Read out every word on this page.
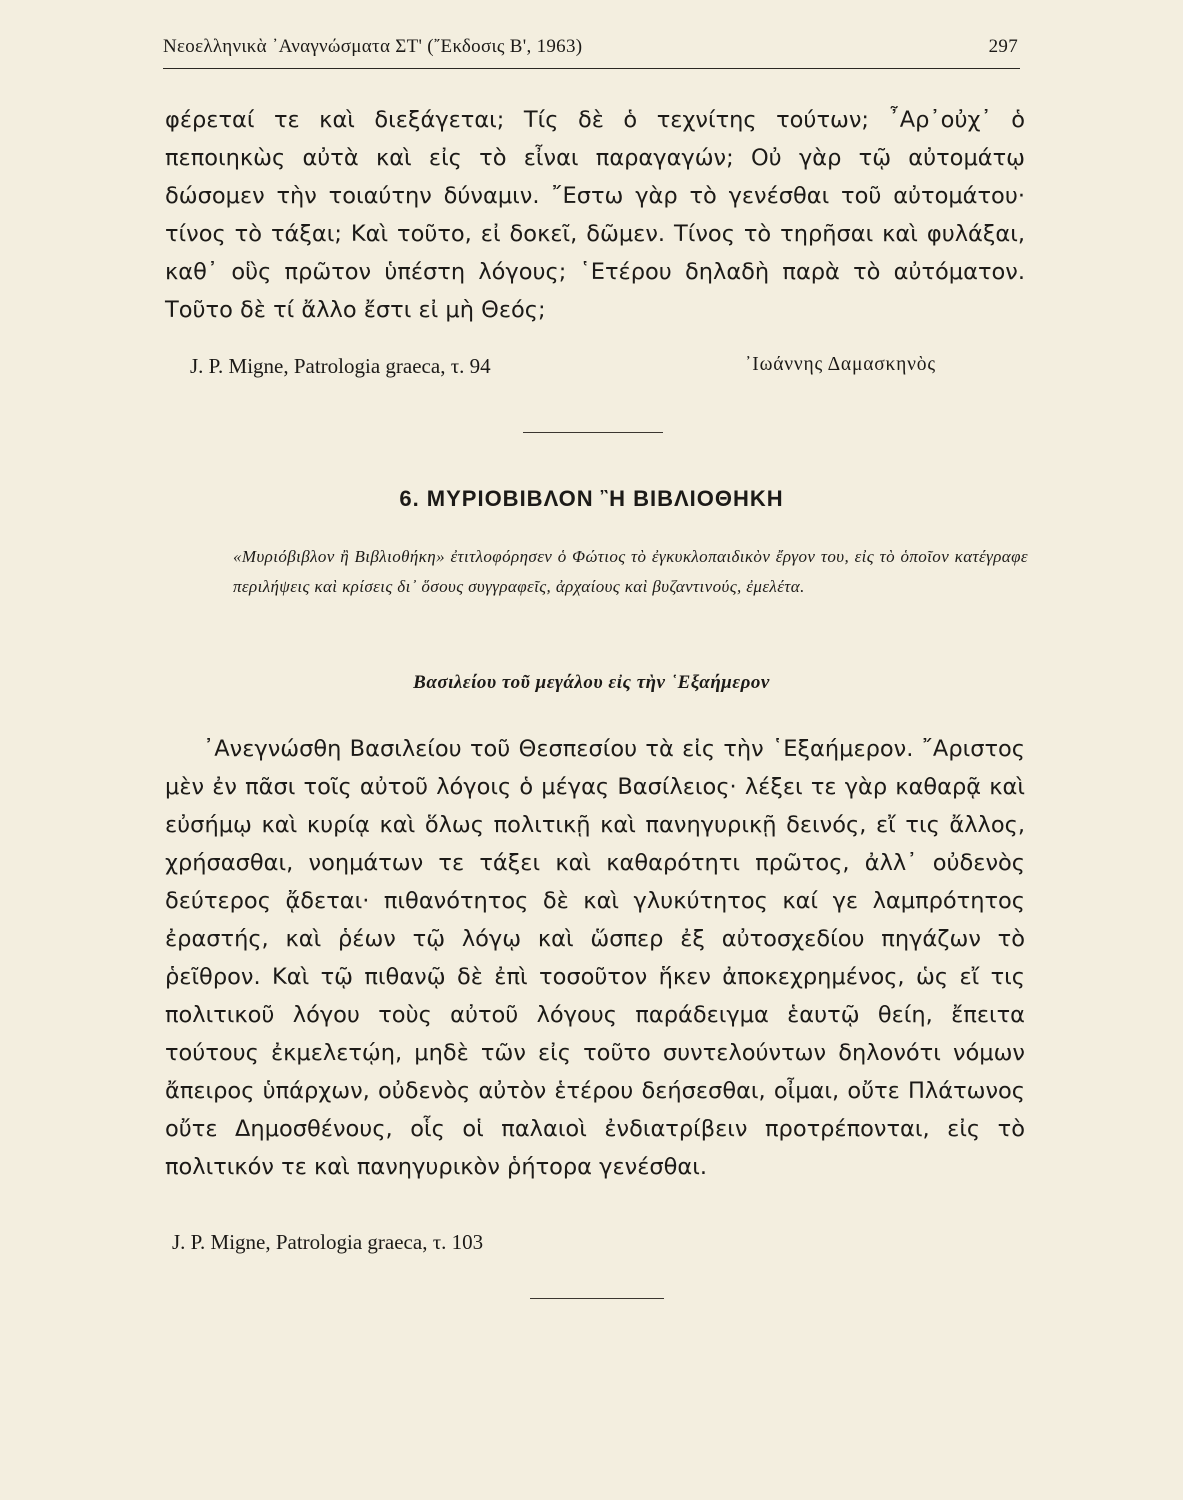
Νεοελληνικὰ ᾿Αναγνώσματα ΣΤ' (῎Εκδοσις Β', 1963)	297

φέρεταί τε καὶ διεξάγεται; Τίς δὲ ὁ τεχνίτης τούτων; ῏Αρ᾽οὐχ᾽ ὁ πεποιηκὼς αὐτὰ καὶ εἰς τὸ εἶναι παραγαγών; Οὐ γὰρ τῷ αὐτομάτῳ δώσομεν τὴν τοιαύτην δύναμιν. ῎Εστω γὰρ τὸ γενέσθαι τοῦ αὐτομάτου· τίνος τὸ τάξαι; Καὶ τοῦτο, εἰ δοκεῖ, δῶμεν. Τίνος τὸ τηρῆσαι καὶ φυλάξαι, καθ᾽ οὓς πρῶτον ὑπέστη λόγους; ῾Ετέρου δηλαδὴ παρὰ τὸ αὐτόματον. Τοῦτο δὲ τί ἄλλο ἔστι εἰ μὴ Θεός;

J. P. Migne, Patrologia graeca, τ. 94	᾿Ιωάννης Δαμασκηνὸς
6. ΜΥΡΙΟΒΙΒΛΟΝ ῍Η ΒΙΒΛΙΟΘΗΚΗ

«Μυριόβιβλον ἢ Βιβλιοθήκη» ἐτιτλοφόρησεν ὁ Φώτιος τὸ ἐγκυκλοπαιδικὸν ἔργον του, εἰς τὸ ὁποῖον κατέγραφε περιλήψεις καὶ κρίσεις δι᾽ ὅσους συγγραφεῖς, ἀρχαίους καὶ βυζαντινούς, ἐμελέτα.

Βασιλείου τοῦ μεγάλου εἰς τὴν ῾Εξαήμερον

᾿Ανεγνώσθη Βασιλείου τοῦ Θεσπεσίου τὰ εἰς τὴν ῾Εξαήμερον. ῎Αριστος μὲν ἐν πᾶσι τοῖς αὐτοῦ λόγοις ὁ μέγας Βασίλειος· λέξει τε γὰρ καθαρᾷ καὶ εὐσήμῳ καὶ κυρίᾳ καὶ ὅλως πολιτικῇ καὶ πανηγυρικῇ δεινός, εἴ τις ἄλλος, χρήσασθαι, νοημάτων τε τάξει καὶ καθαρότητι πρῶτος, ἀλλ᾽ οὐδενὸς δεύτερος ᾄδεται· πιθανότητος δὲ καὶ γλυκύτητος καί γε λαμπρότητος ἐραστής, καὶ ῥέων τῷ λόγῳ καὶ ὥσπερ ἐξ αὐτοσχεδίου πηγάζων τὸ ῥεῖθρον. Καὶ τῷ πιθανῷ δὲ ἐπὶ τοσοῦτον ἥκεν ἀποκεχρημένος, ὡς εἴ τις πολιτικοῦ λόγου τοὺς αὐτοῦ λόγους παράδειγμα ἑαυτῷ θείη, ἔπειτα τούτους ἐκμελετῴη, μηδὲ τῶν εἰς τοῦτο συντελούντων δηλονότι νόμων ἄπειρος ὑπάρχων, οὐδενὸς αὐτὸν ἑτέρου δεήσεσθαι, οἶμαι, οὔτε Πλάτωνος οὔτε Δημοσθένους, οἷς οἱ παλαιοὶ ἐνδιατρίβειν προτρέπονται, εἰς τὸ πολιτικόν τε καὶ πανηγυρικὸν ῥήτορα γενέσθαι.

J. P. Migne, Patrologia graeca, τ. 103
